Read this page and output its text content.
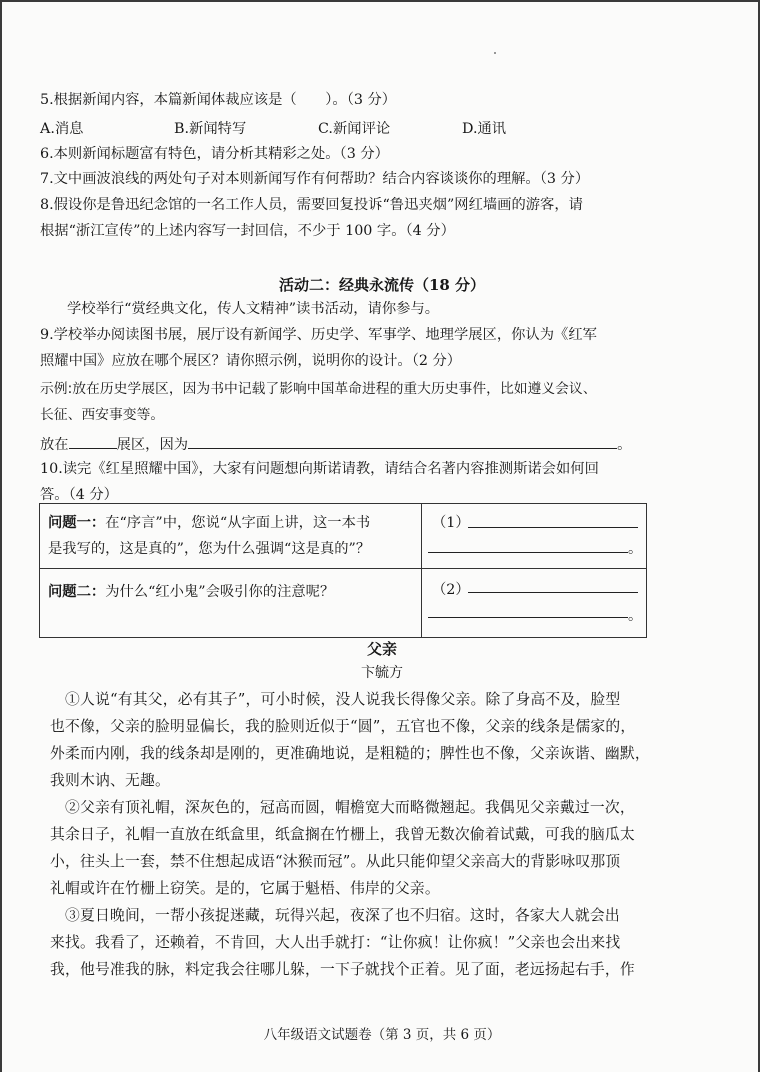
5.根据新闻内容，本篇新闻体裁应该是（　　）。（3 分）
A.消息	B.新闻特写	C.新闻评论	D.通讯
6.本则新闻标题富有特色，请分析其精彩之处。（3 分）
7.文中画波浪线的两处句子对本则新闻写作有何帮助？结合内容谈谈你的理解。（3 分）
8.假设你是鲁迅纪念馆的一名工作人员，需要回复投诉“鲁迅夹烟”网红墙画的游客，请
根据“浙江宣传”的上述内容写一封回信，不少于 100 字。（4 分）
活动二：经典永流传（18 分）
学校举行“赏经典文化，传人文精神”读书活动，请你参与。
9.学校举办阅读图书展，展厅设有新闻学、历史学、军事学、地理学展区，你认为《红军
照耀中国》应放在哪个展区？请你照示例，说明你的设计。（2 分）
示例:放在历史学展区，因为书中记载了影响中国革命进程的重大历史事件，比如遵义会议、
长征、西安事变等。
放在	展区，因为	。
10.读完《红星照耀中国》，大家有问题想向斯诺请教，请结合名著内容推测斯诺会如何回
答。（4 分）
问题一：在“序言”中，您说“从字面上讲，这一本书
是我写的，这是真的”，您为什么强调“这是真的”？	（1）
。

问题二：为什么“红小鬼”会吸引你的注意呢？	（2）
。
父亲
卞毓方
①人说“有其父，必有其子”，可小时候，没人说我长得像父亲。除了身高不及，脸型
也不像，父亲的脸明显偏长，我的脸则近似于“圆”，五官也不像，父亲的线条是儒家的，
外柔而内刚，我的线条却是刚的，更准确地说，是粗糙的；脾性也不像，父亲诙谐、幽默，
我则木讷、无趣。
②父亲有顶礼帽，深灰色的，冠高而圆，帽檐宽大而略微翘起。我偶见父亲戴过一次，
其余日子，礼帽一直放在纸盒里，纸盒搁在竹栅上，我曾无数次偷着试戴，可我的脑瓜太
小，往头上一套，禁不住想起成语“沐猴而冠”。从此只能仰望父亲高大的背影咏叹那顶
礼帽或许在竹栅上窃笑。是的，它属于魁梧、伟岸的父亲。
③夏日晚间，一帮小孩捉迷藏，玩得兴起，夜深了也不归宿。这时，各家大人就会出
来找。我看了，还赖着，不肯回，大人出手就打：“让你疯！让你疯！”父亲也会出来找
我，他号准我的脉，料定我会往哪儿躲，一下子就找个正着。见了面，老远扬起右手，作
八年级语文试题卷（第 3 页，共 6 页）
